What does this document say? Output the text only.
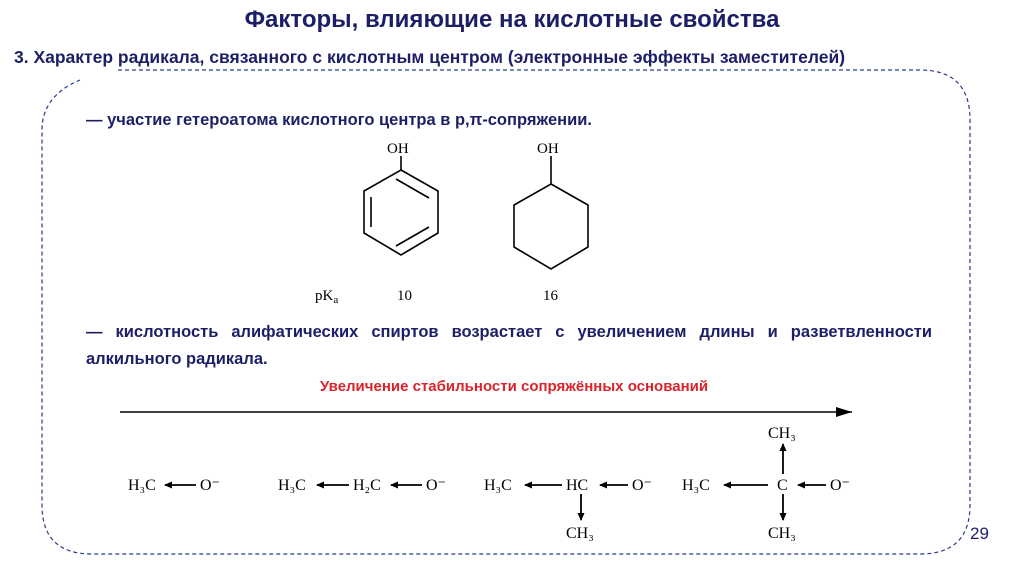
Факторы, влияющие на кислотные свойства

3. Характер радикала, связанного с кислотным центром (электронные эффекты заместителей)

— участие гетероатома кислотного центра в p,π-сопряжении.

— кислотность алифатических спиртов возрастает с увеличением длины и разветвленности алкильного радикала.

Увеличение стабильности сопряжённых оснований

29
OH
10
OH
16
$pK_a$
H₃C	O⁻	H₃C	H₂C	O⁻ H₃C	HC	O⁻
CH₃
H₃C	C	O⁻
CH₃
CH₃
